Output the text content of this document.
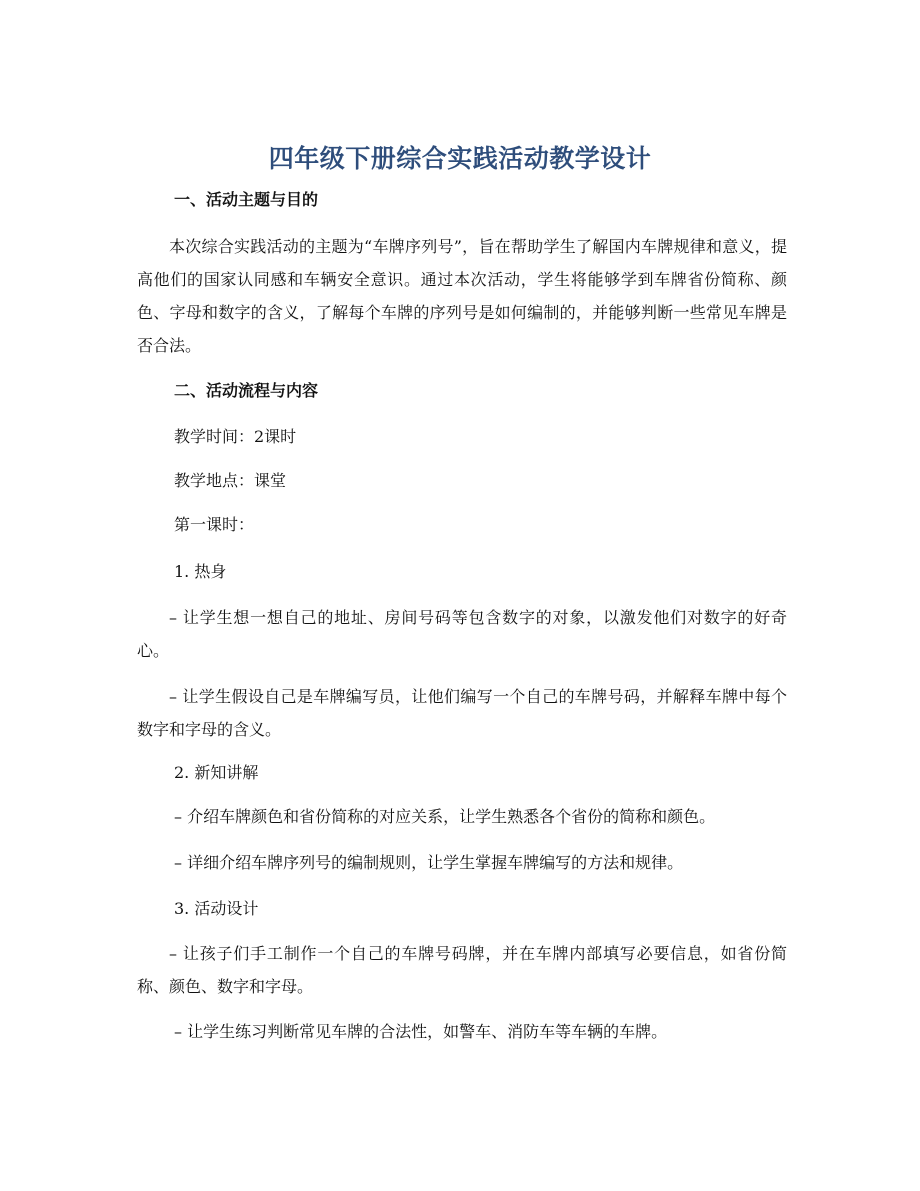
四年级下册综合实践活动教学设计
一、活动主题与目的
本次综合实践活动的主题为“车牌序列号”，旨在帮助学生了解国内车牌规律和意义，提高他们的国家认同感和车辆安全意识。通过本次活动，学生将能够学到车牌省份简称、颜色、字母和数字的含义，了解每个车牌的序列号是如何编制的，并能够判断一些常见车牌是否合法。
二、活动流程与内容
教学时间：2课时
教学地点：课堂
第一课时：
1. 热身
– 让学生想一想自己的地址、房间号码等包含数字的对象，以激发他们对数字的好奇心。
– 让学生假设自己是车牌编写员，让他们编写一个自己的车牌号码，并解释车牌中每个数字和字母的含义。
2. 新知讲解
– 介绍车牌颜色和省份简称的对应关系，让学生熟悉各个省份的简称和颜色。
– 详细介绍车牌序列号的编制规则，让学生掌握车牌编写的方法和规律。
3. 活动设计
– 让孩子们手工制作一个自己的车牌号码牌，并在车牌内部填写必要信息，如省份简称、颜色、数字和字母。
– 让学生练习判断常见车牌的合法性，如警车、消防车等车辆的车牌。
